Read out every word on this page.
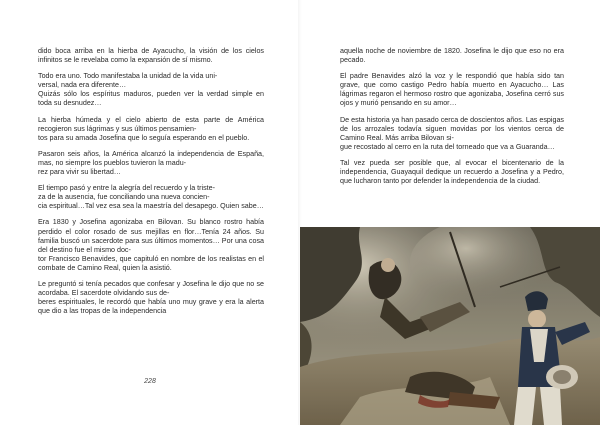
dido boca arriba en la hierba de Ayacucho, la visión de los cielos infinitos se le revelaba como la expansión de sí mismo.

Todo era uno. Todo manifestaba la unidad de la vida uni-
versal, nada era diferente…
Quizás sólo los espíritus maduros, pueden ver la verdad simple en toda su desnudez…

La hierba húmeda y el cielo abierto de esta parte de América recogieron sus lágrimas y sus últimos pensamien-
tos para su amada Josefina que lo seguía esperando en el pueblo.

Pasaron seis años, la América alcanzó la independencia de España, mas, no siempre los pueblos tuvieron la madu-
rez para vivir su libertad…

El tiempo pasó y entre la alegría del recuerdo y la triste-
za de la ausencia, fue conciliando una nueva concien-
cia espiritual…Tal vez esa sea la maestría del desapego. Quien sabe…

Era 1830 y Josefina agonizaba en Bilovan. Su blanco rostro había perdido el color rosado de sus mejillas en flor…Tenía 24 años. Su familia buscó un sacerdote para sus últimos momentos… Por una cosa del destino fue el mismo doc-
tor Francisco Benavides, que capituló en nombre de los realistas en el combate de Camino Real, quien la asistió.

Le preguntó si tenía pecados que confesar y Josefina le dijo que no se acordaba. El sacerdote olvidando sus de-
beres espirituales, le recordó que había uno muy grave y era la alerta que dio a las tropas de la independencia

228

aquella noche de noviembre de 1820. Josefina le dijo que eso no era pecado.

El padre Benavides alzó la voz y le respondió que había sido tan grave, que como castigo Pedro había muerto en Ayacucho… Las lágrimas regaron el hermoso rostro que agonizaba, Josefina cerró sus ojos y murió pensando en su amor…

De esta historia ya han pasado cerca de doscientos años. Las espigas de los arrozales todavía siguen movidas por los vientos cerca de Camino Real. Más arriba Bilovan si-
gue recostado al cerro en la ruta del torneado que va a Guaranda…

Tal vez pueda ser posible que, al evocar el bicentenario de la independencia, Guayaquil dedique un recuerdo a Josefina y a Pedro, que lucharon tanto por defender la independencia de la ciudad.
